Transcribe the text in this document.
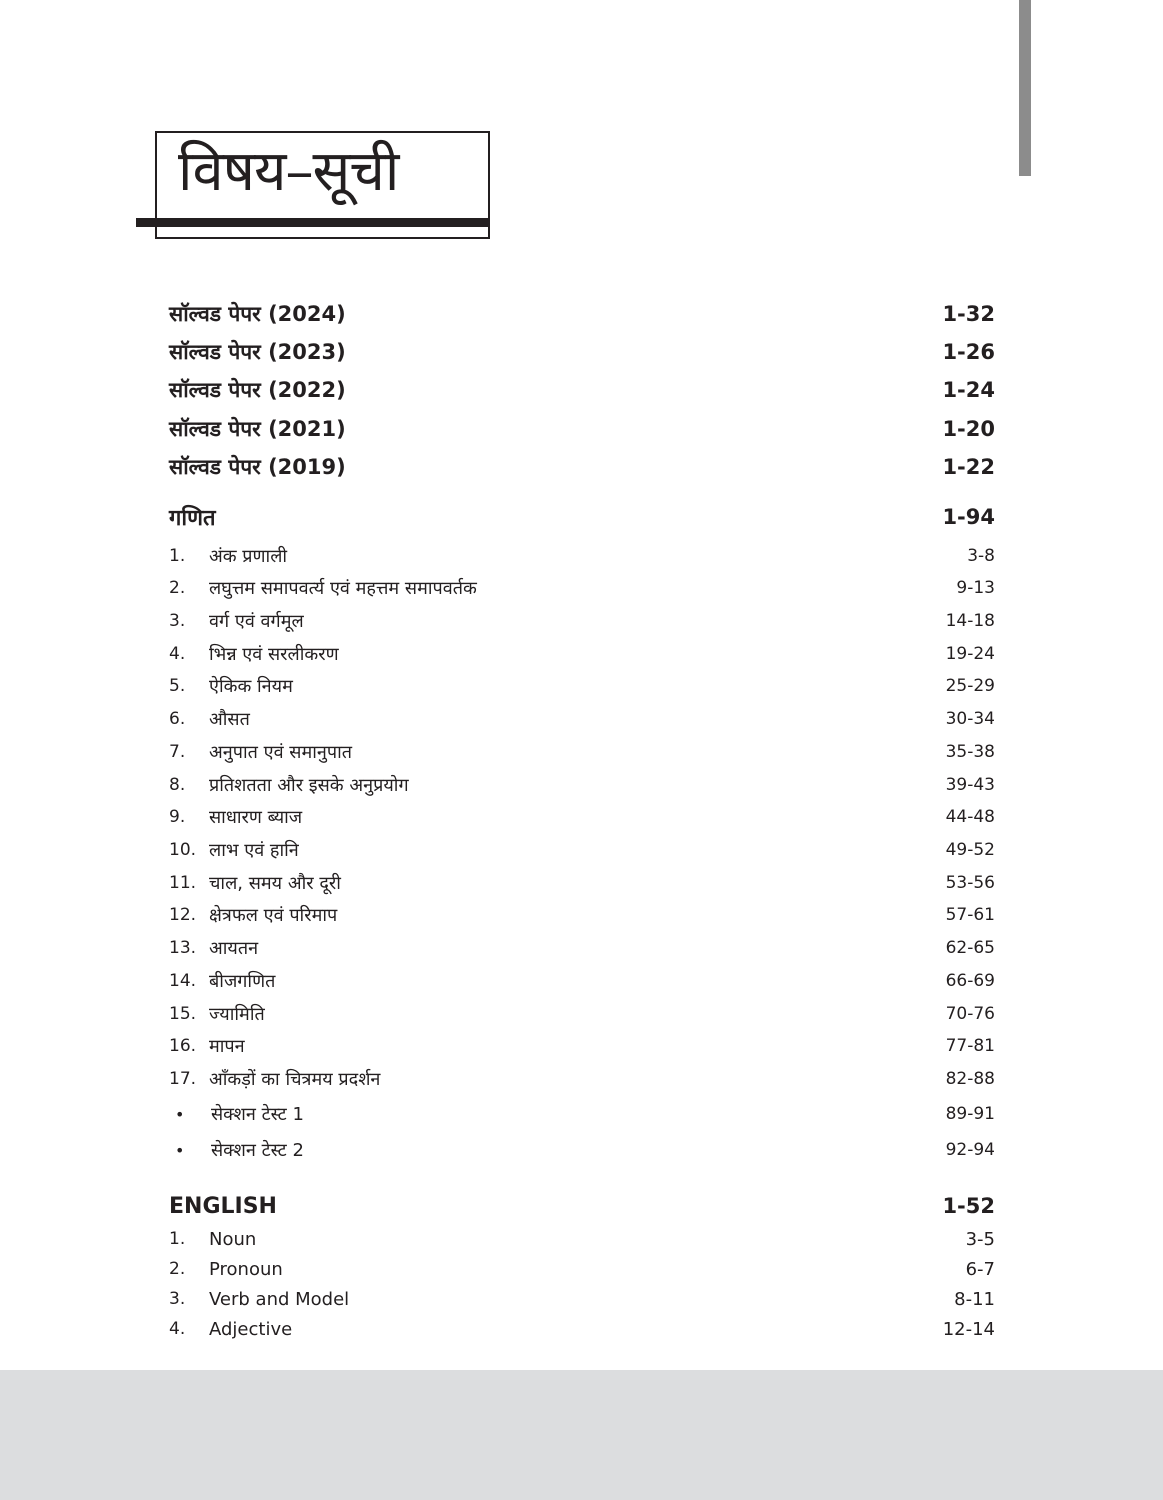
विषय–सूची
सॉल्वड पेपर (2024)	1-32
सॉल्वड पेपर (2023)	1-26
सॉल्वड पेपर (2022)	1-24
सॉल्वड पेपर (2021)	1-20
सॉल्वड पेपर (2019)	1-22
गणित	1-94
1.	अंक प्रणाली	3-8
2.	लघुत्तम समापवर्त्य एवं महत्तम समापवर्तक	9-13
3.	वर्ग एवं वर्गमूल	14-18
4.	भिन्न एवं सरलीकरण	19-24
5.	ऐकिक नियम	25-29
6.	औसत	30-34
7.	अनुपात एवं समानुपात	35-38
8.	प्रतिशतता और इसके अनुप्रयोग	39-43
9.	साधारण ब्याज	44-48
10. लाभ एवं हानि	49-52
11. चाल, समय और दूरी	53-56
12. क्षेत्रफल एवं परिमाप	57-61
13. आयतन	62-65
14. बीजगणित	66-69
15. ज्यामिति	70-76
16. मापन	77-81
17. आँकड़ों का चित्रमय प्रदर्शन	82-88
•	सेक्शन टेस्ट 1	89-91
•	सेक्शन टेस्ट 2	92-94
ENGLISH	1-52
1.	Noun	3-5
2.	Pronoun	6-7
3.	Verb and Model	8-11
4.	Adjective	12-14
